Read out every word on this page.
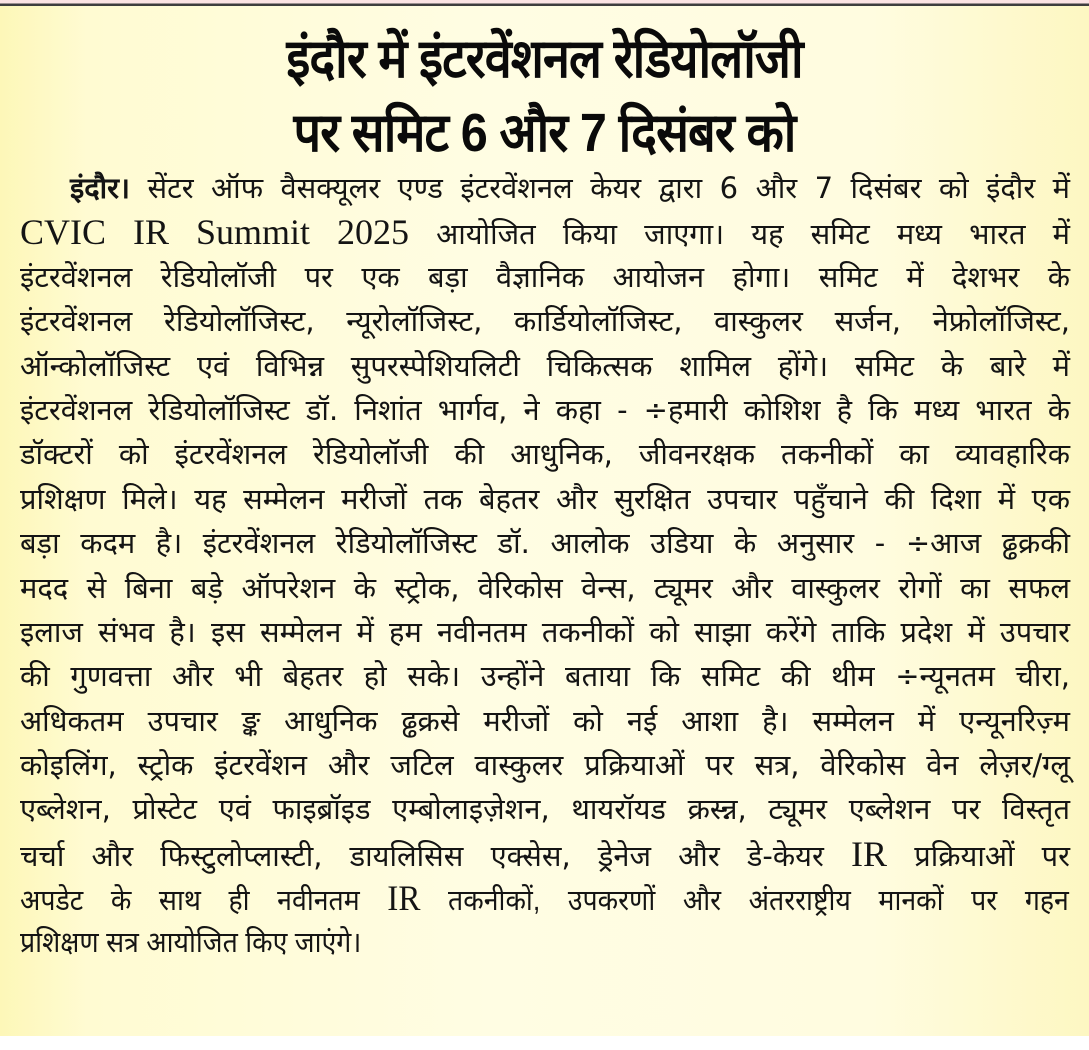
इंदौर में इंटरवेंशनल रेडियोलॉजी
पर समिट 6 और 7 दिसंबर को
इंदौर। सेंटर ऑफ वैसक्यूलर एण्ड इंटरवेंशनल केयर द्वारा 6 और 7 दिसंबर को इंदौर में
CVIC IR Summit 2025 आयोजित किया जाएगा। यह समिट मध्य भारत में
इंटरवेंशनल रेडियोलॉजी पर एक बड़ा वैज्ञानिक आयोजन होगा। समिट में देशभर के
इंटरवेंशनल रेडियोलॉजिस्ट, न्यूरोलॉजिस्ट, कार्डियोलॉजिस्ट, वास्कुलर सर्जन, नेफ्रोलॉजिस्ट,
ऑन्कोलॉजिस्ट एवं विभिन्न सुपरस्पेशियलिटी चिकित्सक शामिल होंगे। समिट के बारे में
इंटरवेंशनल रेडियोलॉजिस्ट डॉ. निशांत भार्गव, ने कहा - ÷हमारी कोशिश है कि मध्य भारत के
डॉक्टरों को इंटरवेंशनल रेडियोलॉजी की आधुनिक, जीवनरक्षक तकनीकों का व्यावहारिक
प्रशिक्षण मिले। यह सम्मेलन मरीजों तक बेहतर और सुरक्षित उपचार पहुँचाने की दिशा में एक
बड़ा कदम है। इंटरवेंशनल रेडियोलॉजिस्ट डॉ. आलोक उडिया के अनुसार - ÷आज ढ्ढक्रकी
मदद से बिना बड़े ऑपरेशन के स्ट्रोक, वेरिकोस वेन्स, ट्यूमर और वास्कुलर रोगों का सफल
इलाज संभव है। इस सम्मेलन में हम नवीनतम तकनीकों को साझा करेंगे ताकि प्रदेश में उपचार
की गुणवत्ता और भी बेहतर हो सके। उन्होंने बताया कि समिट की थीम ÷न्यूनतम चीरा,
अधिकतम उपचार ङ्क आधुनिक ढ्ढक्रसे मरीजों को नई आशा है। सम्मेलन में एन्यूनरिज़्म
कोइलिंग, स्ट्रोक इंटरवेंशन और जटिल वास्कुलर प्रक्रियाओं पर सत्र, वेरिकोस वेन लेज़र/ग्लू
एब्लेशन, प्रोस्टेट एवं फाइब्रॉइड एम्बोलाइज़ेशन, थायरॉयड क्रस्न्न, ट्यूमर एब्लेशन पर विस्तृत
चर्चा और फिस्टुलोप्लास्टी, डायलिसिस एक्सेस, ड्रेनेज और डे-केयर IR प्रक्रियाओं पर
अपडेट के साथ ही नवीनतम IR तकनीकों, उपकरणों और अंतरराष्ट्रीय मानकों पर गहन
प्रशिक्षण सत्र आयोजित किए जाएंगे।
